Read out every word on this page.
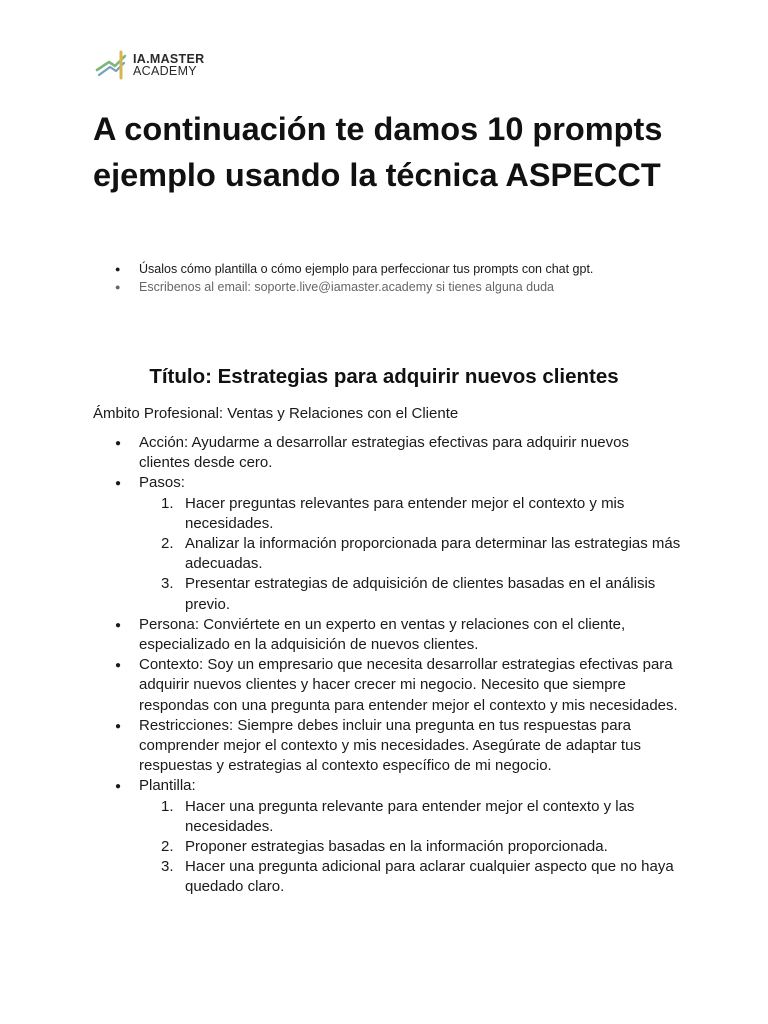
IA.MASTER
ACADEMY
A continuación te damos 10 prompts ejemplo usando la técnica ASPECCT
● Úsalos cómo plantilla o cómo ejemplo para perfeccionar tus prompts con chat gpt.
● Escribenos al email: soporte.live@iamaster.academy si tienes alguna duda
Título: Estrategias para adquirir nuevos clientes

Ámbito Profesional: Ventas y Relaciones con el Cliente

● Acción: Ayudarme a desarrollar estrategias efectivas para adquirir nuevos clientes desde cero.
● Pasos:
1. Hacer preguntas relevantes para entender mejor el contexto y mis necesidades.
2. Analizar la información proporcionada para determinar las estrategias más adecuadas.
3. Presentar estrategias de adquisición de clientes basadas en el análisis previo.
● Persona: Conviértete en un experto en ventas y relaciones con el cliente, especializado en la adquisición de nuevos clientes.
● Contexto: Soy un empresario que necesita desarrollar estrategias efectivas para adquirir nuevos clientes y hacer crecer mi negocio. Necesito que siempre respondas con una pregunta para entender mejor el contexto y mis necesidades.
● Restricciones: Siempre debes incluir una pregunta en tus respuestas para comprender mejor el contexto y mis necesidades. Asegúrate de adaptar tus respuestas y estrategias al contexto específico de mi negocio.
● Plantilla:
1. Hacer una pregunta relevante para entender mejor el contexto y las necesidades.
2. Proponer estrategias basadas en la información proporcionada.
3. Hacer una pregunta adicional para aclarar cualquier aspecto que no haya quedado claro.
